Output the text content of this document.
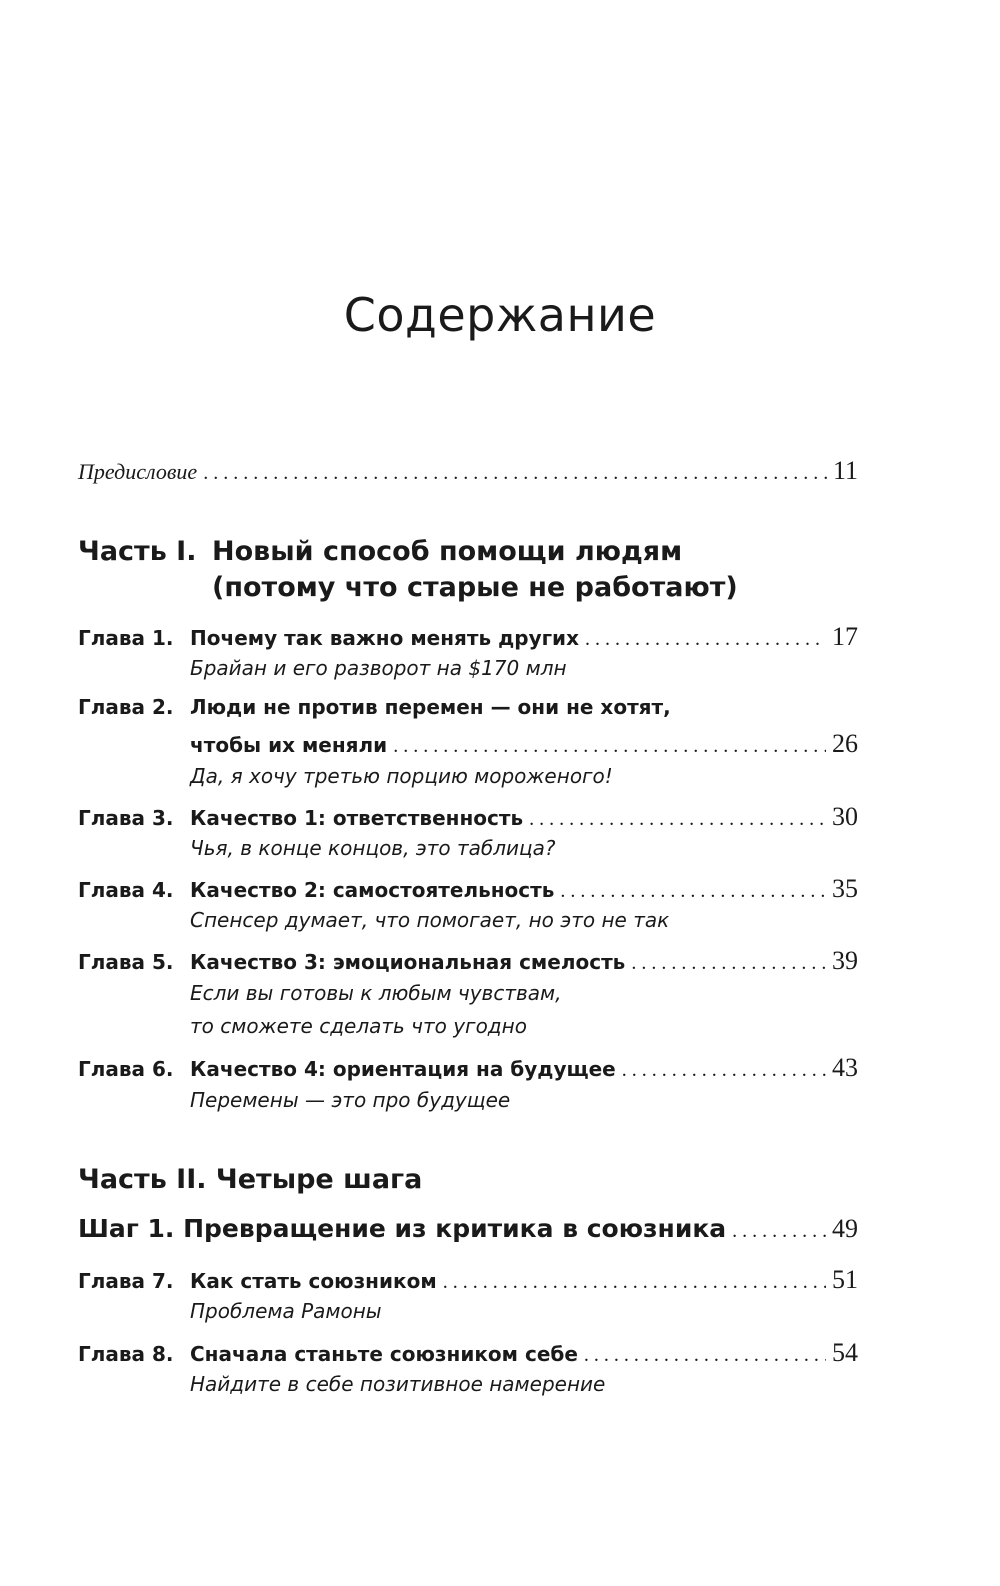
Содержание
Предисловие . . .	11
Часть I. Новый способ помощи людям
(потому что старые не работают)
Глава 1. Почему так важно менять других . . .	17
Брайан и его разворот на $170 млн
Глава 2. Люди не против перемен — они не хотят,
чтобы их меняли . . .	26
Да, я хочу третью порцию мороженого!
Глава 3. Качество 1: ответственность . . .	30
Чья, в конце концов, это таблица?
Глава 4. Качество 2: самостоятельность . . .	35
Спенсер думает, что помогает, но это не так
Глава 5. Качество 3: эмоциональная смелость . . .	39
Если вы готовы к любым чувствам,
то сможете сделать что угодно
Глава 6. Качество 4: ориентация на будущее . . .	43
Перемены — это про будущее
Часть II. Четыре шага
Шаг 1. Превращение из критика в союзника . . .	49
Глава 7. Как стать союзником . . .	51
Проблема Рамоны
Глава 8. Сначала станьте союзником себе . . .	54
Найдите в себе позитивное намерение
